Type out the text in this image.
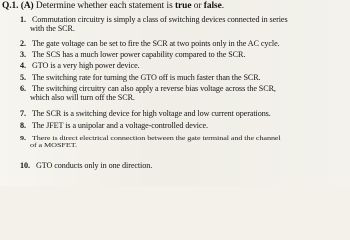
Q.1. (A) Determine whether each statement is true or false.
1. Commutation circuitry is simply a class of switching devices connected in series
with the SCR.
2. The gate voltage can be set to fire the SCR at two points only in the AC cycle.
3. The SCS has a much lower power capability compared to the SCR.
4. GTO is a very high power device.
5. The switching rate for turning the GTO off is much faster than the SCR.
6. The switching circuitry can also apply a reverse bias voltage across the SCR,
which also will turn off the SCR.
7. The SCR is a switching device for high voltage and low current operations.
8. The JFET is a unipolar and a voltage-controlled device.
9. There is direct electrical connection between the gate terminal and the channel
of a MOSFET.
10. GTO conducts only in one direction.
